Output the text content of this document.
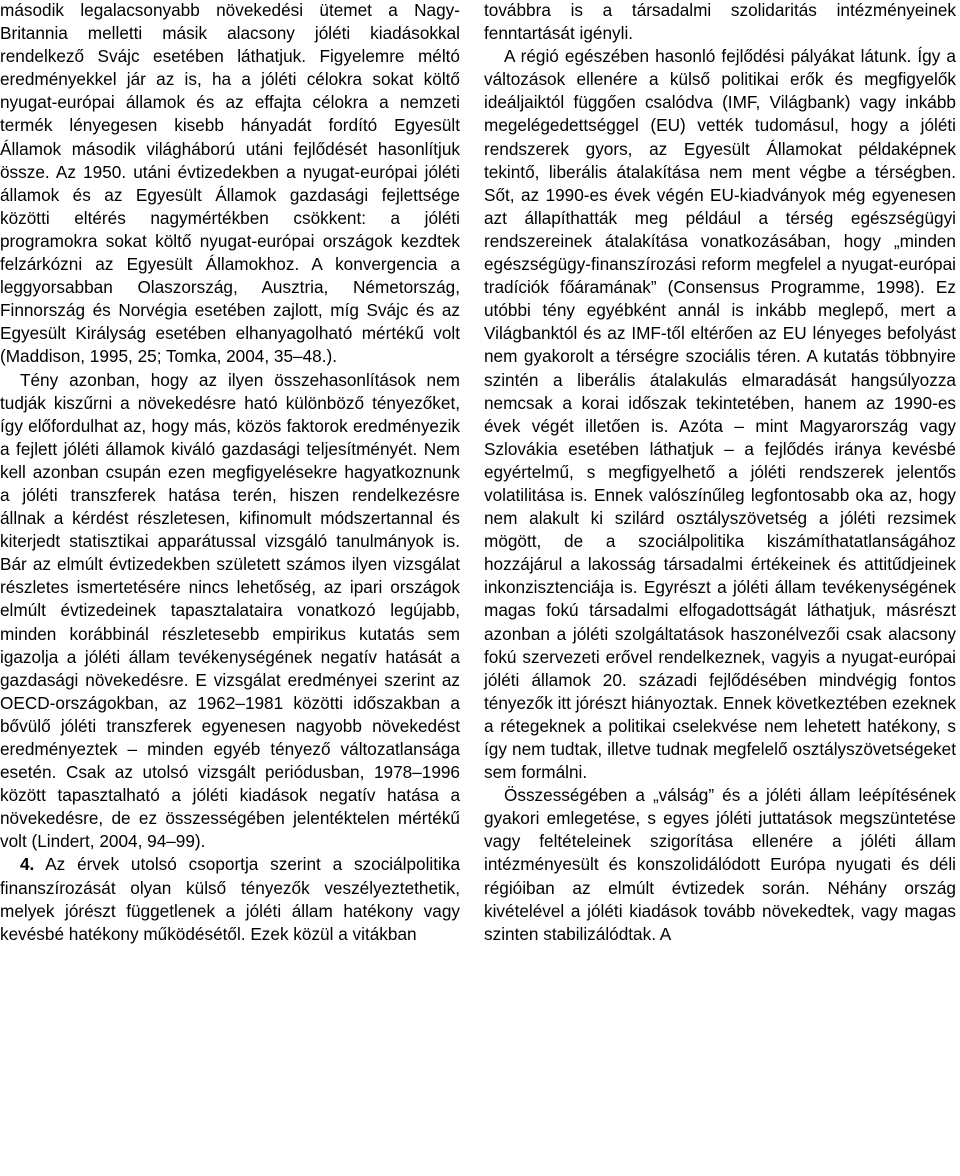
második legalacsonyabb növekedési ütemet a Nagy-Britannia melletti másik alacsony jóléti kiadásokkal rendelkező Svájc esetében láthatjuk. Figyelemre méltó eredményekkel jár az is, ha a jóléti célokra sokat költő nyugat-európai államok és az effajta célokra a nemzeti termék lényegesen kisebb hányadát fordító Egyesült Államok második világháború utáni fejlődését hasonlítjuk össze. Az 1950. utáni évtizedekben a nyugat-európai jóléti államok és az Egyesült Államok gazdasági fejlettsége közötti eltérés nagymértékben csökkent: a jóléti programokra sokat költő nyugat-európai országok kezdtek felzárkózni az Egyesült Államokhoz. A konvergencia a leggyorsabban Olaszország, Ausztria, Németország, Finnország és Norvégia esetében zajlott, míg Svájc és az Egyesült Királyság esetében elhanyagolható mértékű volt (Maddison, 1995, 25; Tomka, 2004, 35–48.).

Tény azonban, hogy az ilyen összehasonlítások nem tudják kiszűrni a növekedésre ható különböző tényezőket, így előfordulhat az, hogy más, közös faktorok eredményezik a fejlett jóléti államok kiváló gazdasági teljesítményét. Nem kell azonban csupán ezen megfigyelésekre hagyatkoznunk a jóléti transzferek hatása terén, hiszen rendelkezésre állnak a kérdést részletesen, kifinomult módszertannal és kiterjedt statisztikai apparátussal vizsgáló tanulmányok is. Bár az elmúlt évtizedekben született számos ilyen vizsgálat részletes ismertetésére nincs lehetőség, az ipari országok elmúlt évtizedeinek tapasztalataira vonatkozó legújabb, minden korábbinál részletesebb empirikus kutatás sem igazolja a jóléti állam tevékenységének negatív hatását a gazdasági növekedésre. E vizsgálat eredményei szerint az OECD-országokban, az 1962–1981 közötti időszakban a bővülő jóléti transzferek egyenesen nagyobb növekedést eredményeztek – minden egyéb tényező változatlansága esetén. Csak az utolsó vizsgált periódusban, 1978–1996 között tapasztalható a jóléti kiadások negatív hatása a növekedésre, de ez összességében jelentéktelen mértékű volt (Lindert, 2004, 94–99).

4. Az érvek utolsó csoportja szerint a szociálpolitika finanszírozását olyan külső tényezők veszélyeztethetik, melyek jórészt függetlenek a jóléti állam hatékony vagy kevésbé hatékony működésétől. Ezek közül a vitákban

továbbra is a társadalmi szolidaritás intézményeinek fenntartását igényli.

A régió egészében hasonló fejlődési pályákat látunk. Így a változások ellenére a külső politikai erők és megfigyelők ideáljaiktól függően csalódva (IMF, Világbank) vagy inkább megelégedettséggel (EU) vették tudomásul, hogy a jóléti rendszerek gyors, az Egyesült Államokat példaképnek tekintő, liberális átalakítása nem ment végbe a térségben. Sőt, az 1990-es évek végén EU-kiadványok még egyenesen azt állapíthatták meg például a térség egészségügyi rendszereinek átalakítása vonatkozásában, hogy „minden egészségügy-finanszírozási reform megfelel a nyugat-európai tradíciók főáramának” (Consensus Programme, 1998). Ez utóbbi tény egyébként annál is inkább meglepő, mert a Világbanktól és az IMF-től eltérően az EU lényeges befolyást nem gyakorolt a térségre szociális téren. A kutatás többnyire szintén a liberális átalakulás elmaradását hangsúlyozza nemcsak a korai időszak tekintetében, hanem az 1990-es évek végét illetően is. Azóta – mint Magyarország vagy Szlovákia esetében láthatjuk – a fejlődés iránya kevésbé egyértelmű, s megfigyelhető a jóléti rendszerek jelentős volatilitása is. Ennek valószínűleg legfontosabb oka az, hogy nem alakult ki szilárd osztályszövetség a jóléti rezsimek mögött, de a szociálpolitika kiszámíthatatlanságához hozzájárul a lakosság társadalmi értékeinek és attitűdjeinek inkonzisztenciája is. Egyrészt a jóléti állam tevékenységének magas fokú társadalmi elfogadottságát láthatjuk, másrészt azonban a jóléti szolgáltatások haszonélvezői csak alacsony fokú szervezeti erővel rendelkeznek, vagyis a nyugat-európai jóléti államok 20. századi fejlődésében mindvégig fontos tényezők itt jórészt hiányoztak. Ennek következtében ezeknek a rétegeknek a politikai cselekvése nem lehetett hatékony, s így nem tudtak, illetve tudnak megfelelő osztályszövetségeket sem formálni.

Összességében a „válság” és a jóléti állam leépítésének gyakori emlegetése, s egyes jóléti juttatások megszüntetése vagy feltételeinek szigorítása ellenére a jóléti állam intézményesült és konszolidálódott Európa nyugati és déli régióiban az elmúlt évtizedek során. Néhány ország kivételével a jóléti kiadások tovább növekedtek, vagy magas szinten stabilizálódtak. A
